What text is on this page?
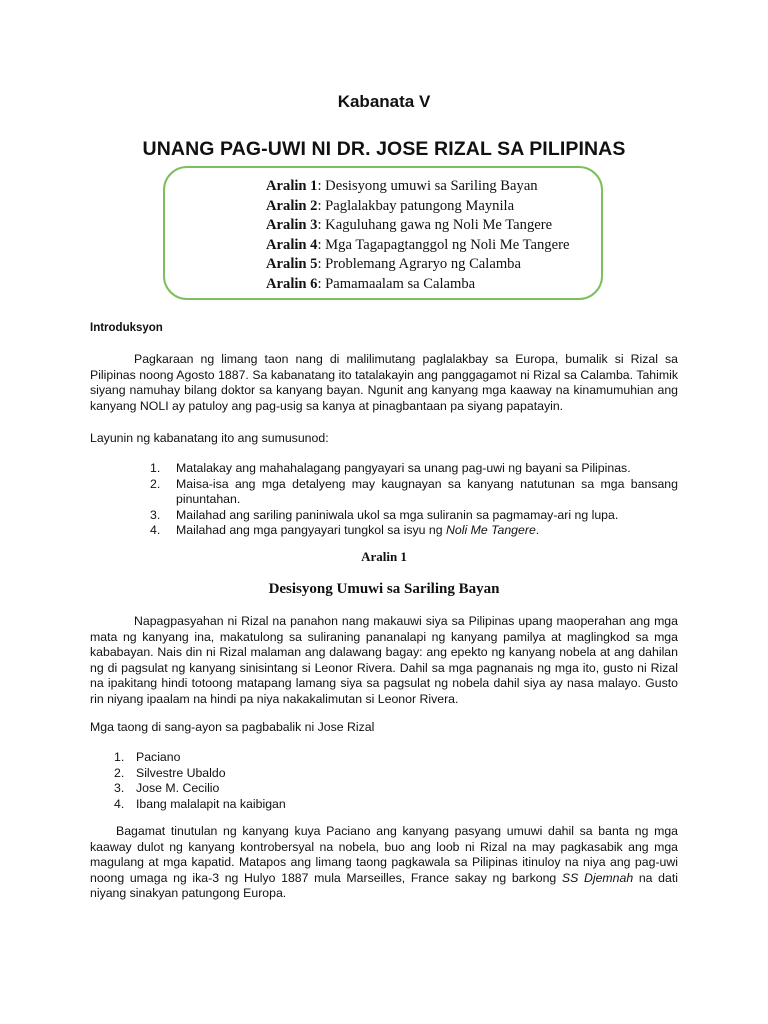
Kabanata V
UNANG PAG-UWI NI DR. JOSE RIZAL SA PILIPINAS
Aralin 1: Desisyong umuwi sa Sariling Bayan
Aralin 2: Paglalakbay patungong Maynila
Aralin 3: Kaguluhang gawa ng Noli Me Tangere
Aralin 4: Mga Tagapagtanggol ng Noli Me Tangere
Aralin 5: Problemang Agraryo ng Calamba
Aralin 6: Pamamaalam sa Calamba
Introduksyon

Pagkaraan ng limang taon nang di malilimutang paglalakbay sa Europa, bumalik si Rizal sa Pilipinas noong Agosto 1887. Sa kabanatang ito tatalakayin ang panggagamot ni Rizal sa Calamba. Tahimik siyang namuhay bilang doktor sa kanyang bayan. Ngunit ang kanyang mga kaaway na kinamumuhian ang kanyang NOLI ay patuloy ang pag-usig sa kanya at pinagbantaan pa siyang papatayin.

Layunin ng kabanatang ito ang sumusunod:
1. Matalakay ang mahahalagang pangyayari sa unang pag-uwi ng bayani sa Pilipinas.
2. Maisa-isa ang mga detalyeng may kaugnayan sa kanyang natutunan sa mga bansang pinuntahan.
3. Mailahad ang sariling paniniwala ukol sa mga suliranin sa pagmamay-ari ng lupa.
4. Mailahad ang mga pangyayari tungkol sa isyu ng Noli Me Tangere.
Aralin 1
Desisyong Umuwi sa Sariling Bayan

Napagpasyahan ni Rizal na panahon nang makauwi siya sa Pilipinas upang maoperahan ang mga mata ng kanyang ina, makatulong sa suliraning pananalapi ng kanyang pamilya at maglingkod sa mga kababayan. Nais din ni Rizal malaman ang dalawang bagay: ang epekto ng kanyang nobela at ang dahilan ng di pagsulat ng kanyang sinisintang si Leonor Rivera. Dahil sa mga pagnanais ng mga ito, gusto ni Rizal na ipakitang hindi totoong matapang lamang siya sa pagsulat ng nobela dahil siya ay nasa malayo. Gusto rin niyang ipaalam na hindi pa niya nakakalimutan si Leonor Rivera.

Mga taong di sang-ayon sa pagbabalik ni Jose Rizal
1. Paciano
2. Silvestre Ubaldo
3. Jose M. Cecilio
4. Ibang malalapit na kaibigan

Bagamat tinutulan ng kanyang kuya Paciano ang kanyang pasyang umuwi dahil sa banta ng mga kaaway dulot ng kanyang kontrobersyal na nobela, buo ang loob ni Rizal na may pagkasabik ang mga magulang at mga kapatid. Matapos ang limang taong pagkawala sa Pilipinas itinuloy na niya ang pag-uwi noong umaga ng ika-3 ng Hulyo 1887 mula Marseilles, France sakay ng barkong SS Djemnah na dati niyang sinakyan patungong Europa.
